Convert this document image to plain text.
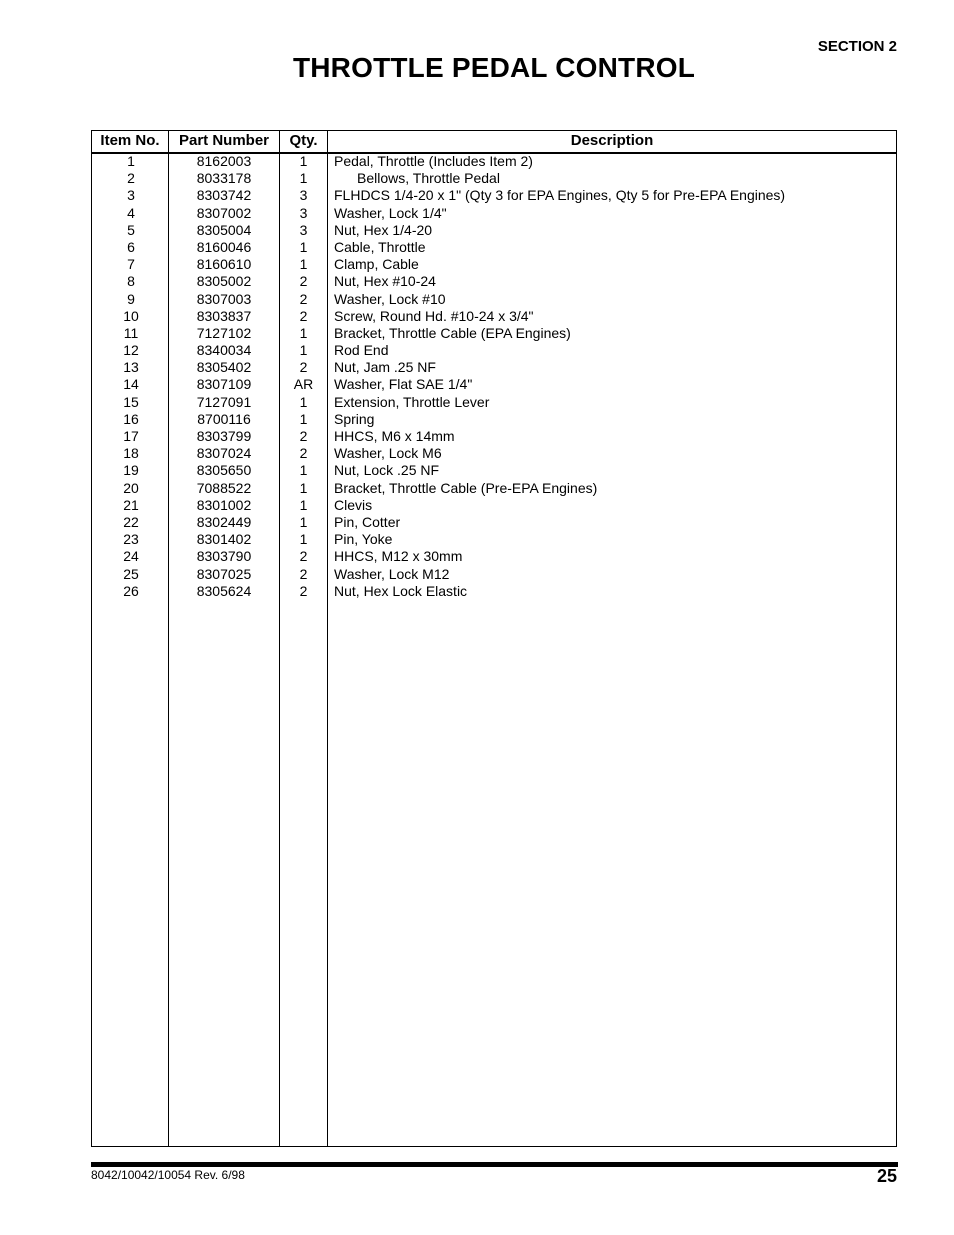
SECTION 2
THROTTLE PEDAL CONTROL
Item No.	Part Number	Qty.	Description
1	8162003	1	Pedal, Throttle (Includes Item 2)
2	8033178	1	Bellows, Throttle Pedal
3	8303742	3	FLHDCS 1/4-20 x 1" (Qty 3 for EPA Engines, Qty 5 for Pre-EPA Engines)
4	8307002	3	Washer, Lock 1/4"
5	8305004	3	Nut, Hex 1/4-20
6	8160046	1	Cable, Throttle
7	8160610	1	Clamp, Cable
8	8305002	2	Nut, Hex #10-24
9	8307003	2	Washer, Lock #10
10	8303837	2	Screw, Round Hd. #10-24 x 3/4"
11	7127102	1	Bracket, Throttle Cable (EPA Engines)
12	8340034	1	Rod End
13	8305402	2	Nut, Jam .25 NF
14	8307109	AR	Washer, Flat SAE 1/4"
15	7127091	1	Extension, Throttle Lever
16	8700116	1	Spring
17	8303799	2	HHCS, M6 x 14mm
18	8307024	2	Washer, Lock M6
19	8305650	1	Nut, Lock .25 NF
20	7088522	1	Bracket, Throttle Cable (Pre-EPA Engines)
21	8301002	1	Clevis
22	8302449	1	Pin, Cotter
23	8301402	1	Pin, Yoke
24	8303790	2	HHCS, M12 x 30mm
25	8307025	2	Washer, Lock M12
26	8305624	2	Nut, Hex Lock Elastic
8042/10042/10054 Rev. 6/98	25
